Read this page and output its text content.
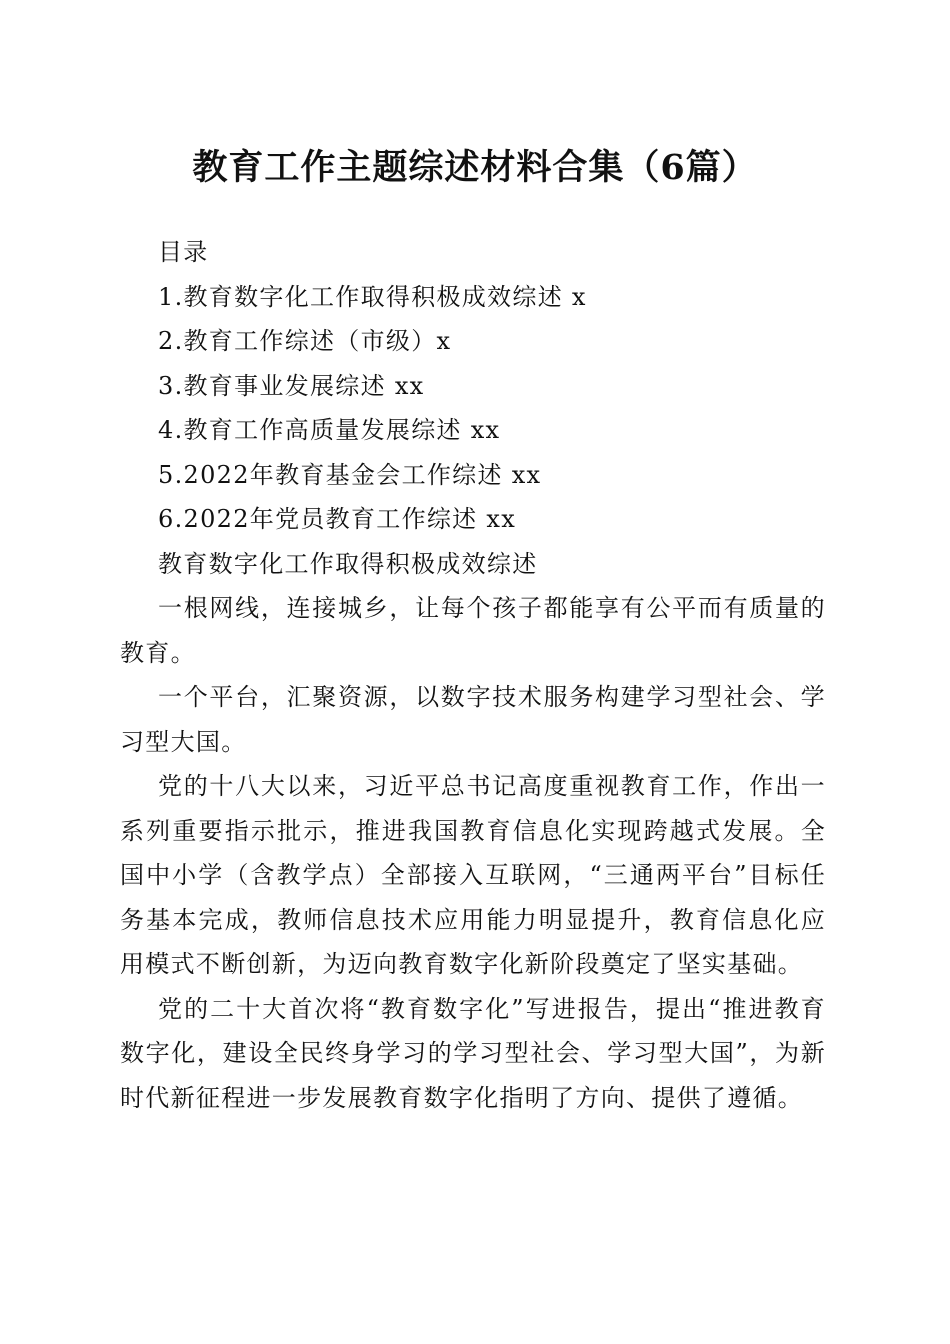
教育工作主题综述材料合集（6篇）

目录

1.教育数字化工作取得积极成效综述 x

2.教育工作综述（市级）x

3.教育事业发展综述 xx

4.教育工作高质量发展综述 xx

5.2022年教育基金会工作综述 xx

6.2022年党员教育工作综述 xx

教育数字化工作取得积极成效综述

一根网线，连接城乡，让每个孩子都能享有公平而有质量的教育。

一个平台，汇聚资源，以数字技术服务构建学习型社会、学习型大国。

党的十八大以来，习近平总书记高度重视教育工作，作出一系列重要指示批示，推进我国教育信息化实现跨越式发展。全国中小学（含教学点）全部接入互联网，“三通两平台”目标任务基本完成，教师信息技术应用能力明显提升，教育信息化应用模式不断创新，为迈向教育数字化新阶段奠定了坚实基础。

党的二十大首次将“教育数字化”写进报告，提出“推进教育数字化，建设全民终身学习的学习型社会、学习型大国”，为新时代新征程进一步发展教育数字化指明了方向、提供了遵循。
